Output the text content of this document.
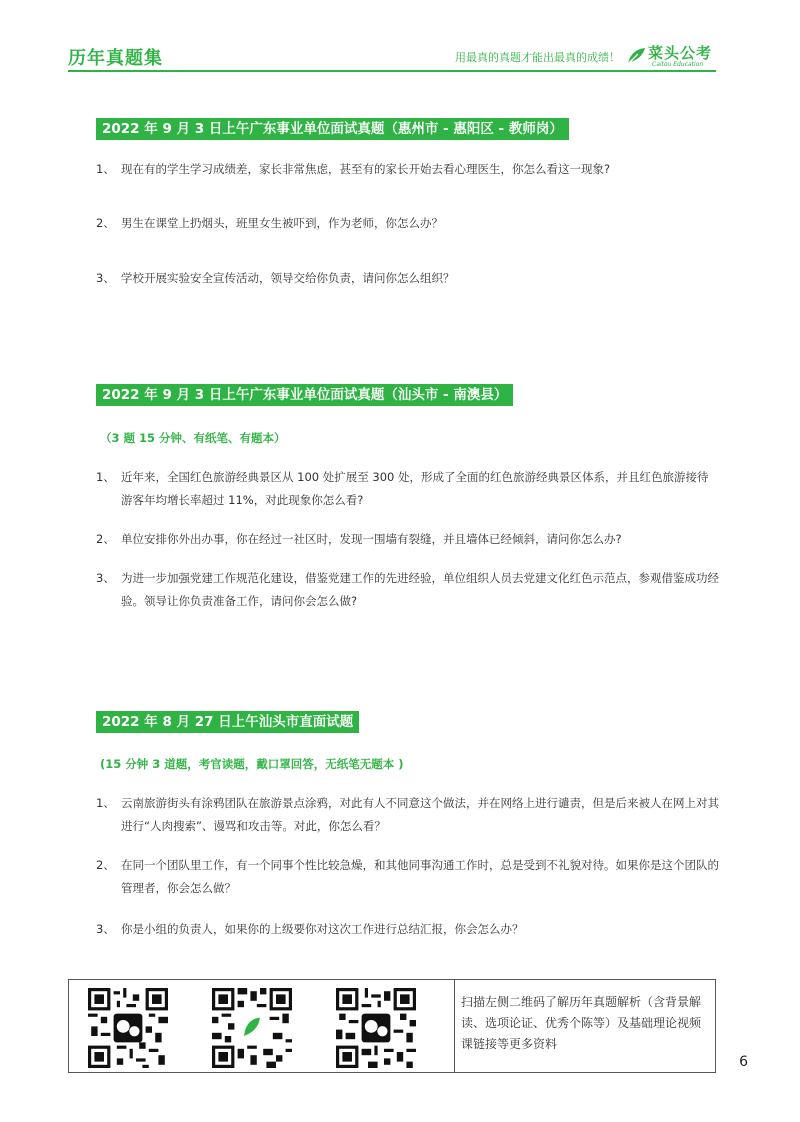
历年真题集	用最真的真题才能出最真的成绩！ 菜头公考
Caitou Education
2022 年 9 月 3 日上午广东事业单位面试真题（惠州市 - 惠阳区 - 教师岗）
1、 现在有的学生学习成绩差，家长非常焦虑，甚至有的家长开始去看心理医生，你怎么看这一现象?
2、 男生在课堂上扔烟头，班里女生被吓到，作为老师，你怎么办？
3、 学校开展实验安全宣传活动，领导交给你负责，请问你怎么组织？
2022 年 9 月 3 日上午广东事业单位面试真题（汕头市 - 南澳县）
（3 题 15 分钟、有纸笔、有题本）
1、 近年来，全国红色旅游经典景区从 100 处扩展至 300 处，形成了全面的红色旅游经典景区体系，并且红色旅游接待游客年均增长率超过 11%，对此现象你怎么看?
2、 单位安排你外出办事，你在经过一社区时，发现一围墙有裂缝，并且墙体已经倾斜，请问你怎么办?
3、 为进一步加强党建工作规范化建设，借鉴党建工作的先进经验，单位组织人员去党建文化红色示范点，参观借鉴成功经验。领导让你负责准备工作，请问你会怎么做?
2022 年 8 月 27 日上午汕头市直面试题
(15 分钟 3 道题，考官读题，戴口罩回答，无纸笔无题本 )
1、 云南旅游街头有涂鸦团队在旅游景点涂鸦，对此有人不同意这个做法，并在网络上进行谴责，但是后来被人在网上对其进行“人肉搜索”、谩骂和攻击等。对此，你怎么看？
2、 在同一个团队里工作，有一个同事个性比较急燥，和其他同事沟通工作时，总是受到不礼貌对待。如果你是这个团队的管理者，你会怎么做？
3、 你是小组的负责人，如果你的上级要你对这次工作进行总结汇报，你会怎么办？
扫描左侧二维码了解历年真题解析（含背景解读、选项论证、优秀个陈等）及基础理论视频课链接等更多资料
6
